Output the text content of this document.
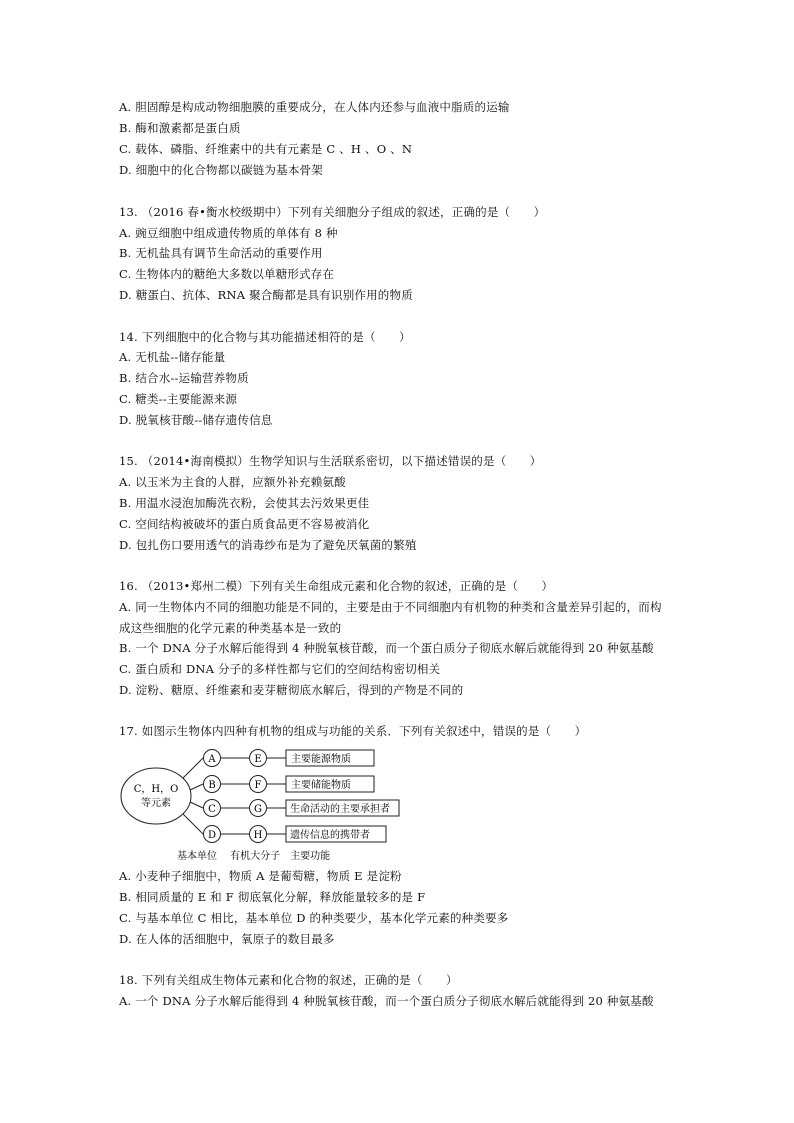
A. 胆固醇是构成动物细胞膜的重要成分，在人体内还参与血液中脂质的运输
B. 酶和激素都是蛋白质
C. 载体、磷脂、纤维素中的共有元素是 C 、H 、O 、N
D. 细胞中的化合物都以碳链为基本骨架
13. （2016 春•衡水校级期中）下列有关细胞分子组成的叙述，正确的是（　　）
A. 豌豆细胞中组成遗传物质的单体有 8 种
B. 无机盐具有调节生命活动的重要作用
C. 生物体内的糖绝大多数以单糖形式存在
D. 糖蛋白、抗体、RNA 聚合酶都是具有识别作用的物质
14. 下列细胞中的化合物与其功能描述相符的是（　　）
A. 无机盐--储存能量
B. 结合水--运输营养物质
C. 糖类--主要能源来源
D. 脱氧核苷酸--储存遗传信息
15. （2014•海南模拟）生物学知识与生活联系密切，以下描述错误的是（　　）
A. 以玉米为主食的人群，应额外补充赖氨酸
B. 用温水浸泡加酶洗衣粉，会使其去污效果更佳
C. 空间结构被破坏的蛋白质食品更不容易被消化
D. 包扎伤口要用透气的消毒纱布是为了避免厌氧菌的繁殖
16. （2013•郑州二模）下列有关生命组成元素和化合物的叙述，正确的是（　　）
A. 同一生物体内不同的细胞功能是不同的，主要是由于不同细胞内有机物的种类和含量差异引起的，而构
成这些细胞的化学元素的种类基本是一致的
B. 一个 DNA 分子水解后能得到 4 种脱氧核苷酸，而一个蛋白质分子彻底水解后就能得到 20 种氨基酸
C. 蛋白质和 DNA 分子的多样性都与它们的空间结构密切相关
D. 淀粉、糖原、纤维素和麦芽糖彻底水解后，得到的产物是不同的
17. 如图示生物体内四种有机物的组成与功能的关系．下列有关叙述中，错误的是（　　）
C，H，O
等元素
A	E	主要能源物质
B	F	主要储能物质
C	G	生命活动的主要承担者
D	H	遗传信息的携带者
基本单位　 有机大分子　主要功能
A. 小麦种子细胞中，物质 A 是葡萄糖，物质 E 是淀粉
B. 相同质量的 E 和 F 彻底氧化分解，释放能量较多的是 F
C. 与基本单位 C 相比，基本单位 D 的种类要少，基本化学元素的种类要多
D. 在人体的活细胞中，氧原子的数目最多
18. 下列有关组成生物体元素和化合物的叙述，正确的是（　　）
A. 一个 DNA 分子水解后能得到 4 种脱氧核苷酸，而一个蛋白质分子彻底水解后就能得到 20 种氨基酸
